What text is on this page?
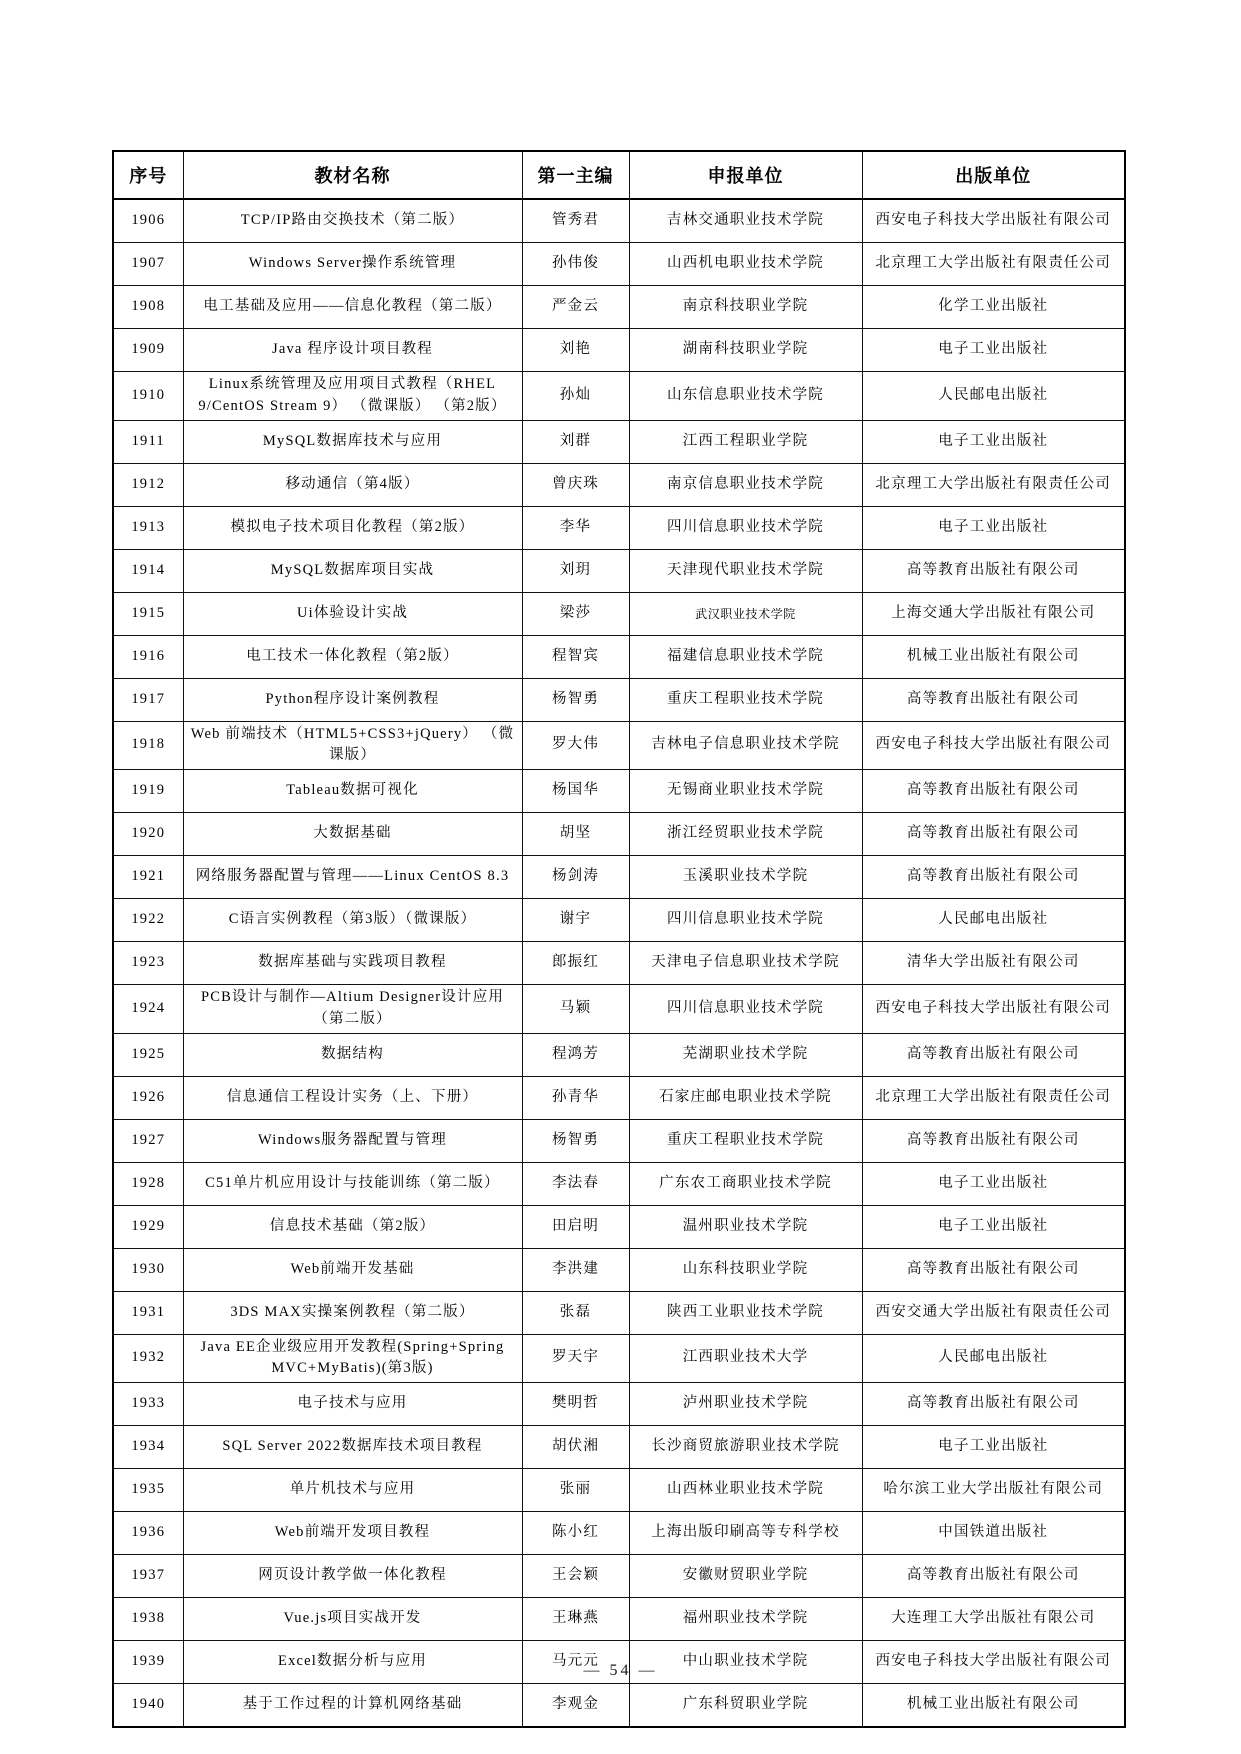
序号	教材名称	第一主编	申报单位	出版单位
1906	TCP/IP路由交换技术（第二版）	管秀君	吉林交通职业技术学院	西安电子科技大学出版社有限公司
1907	Windows Server操作系统管理	孙伟俊	山西机电职业技术学院	北京理工大学出版社有限责任公司
1908	电工基础及应用——信息化教程（第二版）	严金云	南京科技职业学院	化学工业出版社
1909	Java 程序设计项目教程	刘艳	湖南科技职业学院	电子工业出版社
1910	Linux系统管理及应用项目式教程（RHEL 9/CentOS Stream 9） （微课版） （第2版）	孙灿	山东信息职业技术学院	人民邮电出版社
1911	MySQL数据库技术与应用	刘群	江西工程职业学院	电子工业出版社
1912	移动通信（第4版）	曾庆珠	南京信息职业技术学院	北京理工大学出版社有限责任公司
1913	模拟电子技术项目化教程（第2版）	李华	四川信息职业技术学院	电子工业出版社
1914	MySQL数据库项目实战	刘玥	天津现代职业技术学院	高等教育出版社有限公司
1915	Ui体验设计实战	梁莎	武汉职业技术学院	上海交通大学出版社有限公司
1916	电工技术一体化教程（第2版）	程智宾	福建信息职业技术学院	机械工业出版社有限公司
1917	Python程序设计案例教程	杨智勇	重庆工程职业技术学院	高等教育出版社有限公司
1918	Web 前端技术（HTML5+CSS3+jQuery） （微课版）	罗大伟	吉林电子信息职业技术学院	西安电子科技大学出版社有限公司
1919	Tableau数据可视化	杨国华	无锡商业职业技术学院	高等教育出版社有限公司
1920	大数据基础	胡坚	浙江经贸职业技术学院	高等教育出版社有限公司
1921	网络服务器配置与管理——Linux CentOS 8.3	杨剑涛	玉溪职业技术学院	高等教育出版社有限公司
1922	C语言实例教程（第3版）（微课版）	谢宇	四川信息职业技术学院	人民邮电出版社
1923	数据库基础与实践项目教程	郎振红	天津电子信息职业技术学院	清华大学出版社有限公司
1924	PCB设计与制作—Altium Designer设计应用（第二版）	马颖	四川信息职业技术学院	西安电子科技大学出版社有限公司
1925	数据结构	程鸿芳	芜湖职业技术学院	高等教育出版社有限公司
1926	信息通信工程设计实务（上、下册）	孙青华	石家庄邮电职业技术学院	北京理工大学出版社有限责任公司
1927	Windows服务器配置与管理	杨智勇	重庆工程职业技术学院	高等教育出版社有限公司
1928	C51单片机应用设计与技能训练（第二版）	李法春	广东农工商职业技术学院	电子工业出版社
1929	信息技术基础（第2版）	田启明	温州职业技术学院	电子工业出版社
1930	Web前端开发基础	李洪建	山东科技职业学院	高等教育出版社有限公司
1931	3DS MAX实操案例教程（第二版）	张磊	陕西工业职业技术学院	西安交通大学出版社有限责任公司
1932	Java EE企业级应用开发教程(Spring+Spring MVC+MyBatis)(第3版)	罗天宇	江西职业技术大学	人民邮电出版社
1933	电子技术与应用	樊明哲	泸州职业技术学院	高等教育出版社有限公司
1934	SQL Server 2022数据库技术项目教程	胡伏湘	长沙商贸旅游职业技术学院	电子工业出版社
1935	单片机技术与应用	张丽	山西林业职业技术学院	哈尔滨工业大学出版社有限公司
1936	Web前端开发项目教程	陈小红	上海出版印刷高等专科学校	中国铁道出版社
1937	网页设计教学做一体化教程	王会颖	安徽财贸职业学院	高等教育出版社有限公司
1938	Vue.js项目实战开发	王琳燕	福州职业技术学院	大连理工大学出版社有限公司
1939	Excel数据分析与应用	马元元	中山职业技术学院	西安电子科技大学出版社有限公司
1940	基于工作过程的计算机网络基础	李观金	广东科贸职业学院	机械工业出版社有限公司
— 54 —
